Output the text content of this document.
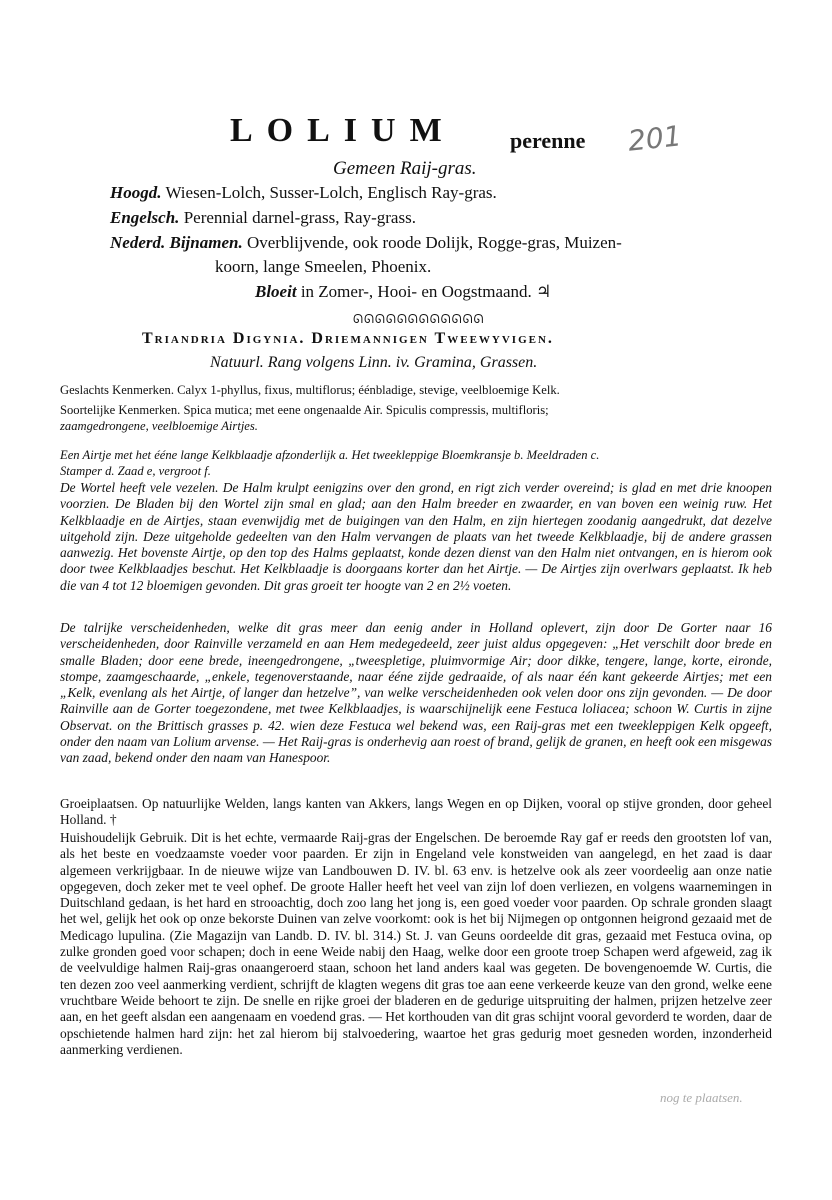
LOLIUM perenne 201
Gemeen Raij-gras.
Hoogd. Wiesen-Lolch, Susser-Lolch, Englisch Ray-gras.
Engelsch. Perennial darnel-grass, Ray-grass.
Nederd. Bijnamen. Overblijvende, ook roode Dolijk, Rogge-gras, Muizen-
koorn, lange Smeelen, Phoenix.
Bloeit in Zomer-, Hooi- en Oogstmaand. ♃
ᘏᘏᘏᘏᘏᘏᘏᘏᘏᘏᘏᘏ
Triandria Digynia. Driemannigen Tweewyvigen.
Natuurl. Rang volgens Linn. iv. Gramina, Grassen.
Geslachts Kenmerken. Calyx 1-phyllus, fixus, multiflorus; éénbladige, stevige, veelbloemige Kelk.
Soortelijke Kenmerken. Spica mutica; met eene ongenaalde Air. Spiculis compressis, multifloris;
zaamgedrongene, veelbloemige Airtjes.
Een Airtje met het ééne lange Kelkblaadje afzonderlijk a. Het tweekleppige Bloemkransje b. Meeldraden c.
Stamper d. Zaad e, vergroot f.
De Wortel heeft vele vezelen. De Halm krulpt eenigzins over den grond, en rigt zich verder overeind; is glad en met drie knoopen voorzien. De Bladen bij den Wortel zijn smal en glad; aan den Halm breeder en zwaarder, en van boven een weinig ruw. Het Kelkblaadje en de Airtjes, staan evenwijdig met de buigingen van den Halm, en zijn hiertegen zoodanig aangedrukt, dat dezelve uitgehold zijn. Deze uitgeholde gedeelten van den Halm vervangen de plaats van het tweede Kelkblaadje, bij de andere grassen aanwezig. Het bovenste Airtje, op den top des Halms geplaatst, konde dezen dienst van den Halm niet ontvangen, en is hierom ook door twee Kelkblaadjes beschut. Het Kelkblaadje is doorgaans korter dan het Airtje. — De Airtjes zijn overlwars geplaatst. Ik heb die van 4 tot 12 bloemigen gevonden. Dit gras groeit ter hoogte van 2 en 2½ voeten.
De talrijke verscheidenheden, welke dit gras meer dan eenig ander in Holland oplevert, zijn door De Gorter naar 16 verscheidenheden, door Rainville verzameld en aan Hem medegedeeld, zeer juist aldus opgegeven: „Het verschilt door brede en smalle Bladen; door eene brede, ineengedrongene, „tweespletige, pluimvormige Air; door dikke, tengere, lange, korte, eironde, stompe, zaamgeschaarde, „enkele, tegenoverstaande, naar ééne zijde gedraaide, of als naar één kant gekeerde Airtjes; met een „Kelk, evenlang als het Airtje, of langer dan hetzelve”, van welke verscheidenheden ook velen door ons zijn gevonden. — De door Rainville aan de Gorter toegezondene, met twee Kelkblaadjes, is waarschijnelijk eene Festuca loliacea; schoon W. Curtis in zijne Observat. on the Brittisch grasses p. 42. wien deze Festuca wel bekend was, een Raij-gras met een tweekleppigen Kelk opgeeft, onder den naam van Lolium arvense. — Het Raij-gras is onderhevig aan roest of brand, gelijk de granen, en heeft ook een misgewas van zaad, bekend onder den naam van Hanespoor.
Groeiplaatsen. Op natuurlijke Welden, langs kanten van Akkers, langs Wegen en op Dijken, vooral op stijve gronden, door geheel Holland. †
Huishoudelijk Gebruik. Dit is het echte, vermaarde Raij-gras der Engelschen. De beroemde Ray gaf er reeds den grootsten lof van, als het beste en voedzaamste voeder voor paarden. Er zijn in Engeland vele konstweiden van aangelegd, en het zaad is daar algemeen verkrijgbaar. In de nieuwe wijze van Landbouwen D. IV. bl. 63 env. is hetzelve ook als zeer voordeelig aan onze natie opgegeven, doch zeker met te veel ophef. De groote Haller heeft het veel van zijn lof doen verliezen, en volgens waarnemingen in Duitschland gedaan, is het hard en strooachtig, doch zoo lang het jong is, een goed voeder voor paarden. Op schrale gronden slaagt het wel, gelijk het ook op onze bekorste Duinen van zelve voorkomt: ook is het bij Nijmegen op ontgonnen heigrond gezaaid met de Medicago lupulina. (Zie Magazijn van Landb. D. IV. bl. 314.) St. J. van Geuns oordeelde dit gras, gezaaid met Festuca ovina, op zulke gronden goed voor schapen; doch in eene Weide nabij den Haag, welke door een groote troep Schapen werd afgeweid, zag ik de veelvuldige halmen Raij-gras onaangeroerd staan, schoon het land anders kaal was gegeten. De bovengenoemde W. Curtis, die ten dezen zoo veel aanmerking verdient, schrijft de klagten wegens dit gras toe aan eene verkeerde keuze van den grond, welke eene vruchtbare Weide behoort te zijn. De snelle en rijke groei der bladeren en de gedurige uitspruiting der halmen, prijzen hetzelve zeer aan, en het geeft alsdan een aangenaam en voedend gras. — Het korthouden van dit gras schijnt vooral gevorderd te worden, daar de opschietende halmen hard zijn: het zal hierom bij stalvoedering, waartoe het gras gedurig moet gesneden worden, inzonderheid aanmerking verdienen.
nog te plaatsen.
